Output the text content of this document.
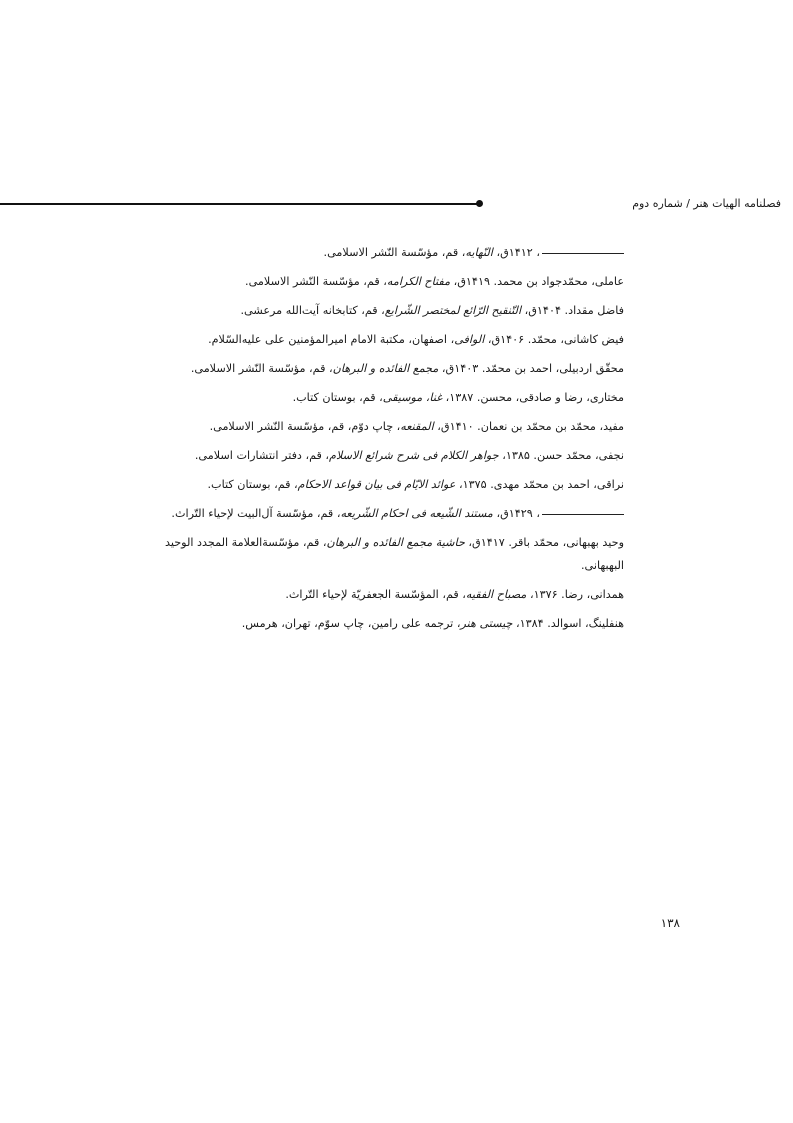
فصلنامه الهیات هنر / شماره دوم

، ۱۴۱۲ق، النّهایه، قم، مؤسّسة النّشر الاسلامی.

عاملی، محمّدجواد بن محمد. ۱۴۱۹ق، مفتاح الکرامه، قم، مؤسّسة النّشر الاسلامی.

فاضل مقداد. ۱۴۰۴ق، التّنقیح الرّائع لمختصر الشّرایع، قم، کتابخانه آیت‌الله مرعشی.

فیض کاشانی، محمّد. ۱۴۰۶ق، الوافی، اصفهان، مکتبة الامام امیرالمؤمنین علی علیه‌السّلام.

محقّق اردبیلی، احمد بن محمّد. ۱۴۰۳ق، مجمع الفائده و البرهان، قم، مؤسّسة النّشر الاسلامی.

مختاری، رضا و صادقی، محسن. ۱۳۸۷، غنا، موسیقی، قم، بوستان کتاب.

مفید، محمّد بن محمّد بن نعمان. ۱۴۱۰ق، المقنعه، چاپ دوّم، قم، مؤسّسة النّشر الاسلامی.

نجفی، محمّد حسن. ۱۳۸۵، جواهر الکلام فی شرح شرائع الاسلام، قم، دفتر انتشارات اسلامی.

نراقی، احمد بن محمّد مهدی. ۱۳۷۵، عوائد الایّام فی بیان قواعد الاحکام، قم، بوستان کتاب.

، ۱۴۲۹ق، مستند الشّیعه فی احکام الشّریعه، قم، مؤسّسة آل‌البیت لإحیاء التّراث.

وحید بهبهانی، محمّد باقر. ۱۴۱۷ق، حاشیة مجمع الفائده و البرهان، قم، مؤسّسة‌العلامة المجدد الوحید البهبهانی.

همدانی، رضا. ۱۳۷۶، مصباح الفقیه، قم، المؤسّسة الجعفریّة لإحیاء التّراث.

هنفلینگ، اسوالد. ۱۳۸۴، چیستی هنر، ترجمه علی رامین، چاپ سوّم، تهران، هرمس.

۱۳۸
